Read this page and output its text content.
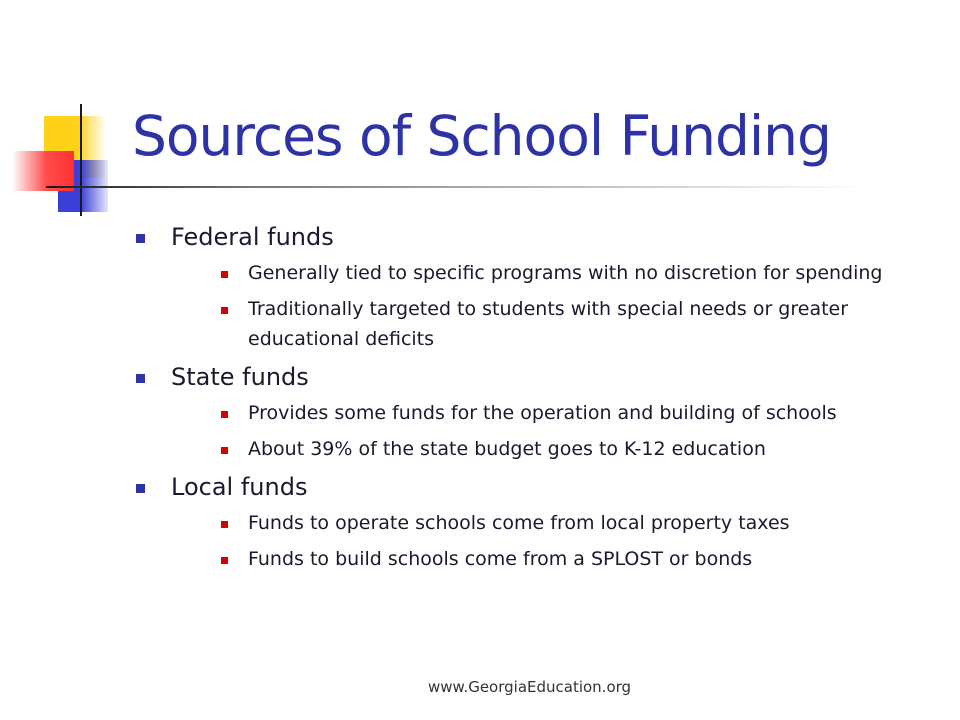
Sources of School Funding
Federal funds
Generally tied to specific programs with no discretion for spending
Traditionally targeted to students with special needs or greater educational deficits
State funds
Provides some funds for the operation and building of schools
About 39% of the state budget goes to K-12 education
Local funds
Funds to operate schools come from local property taxes
Funds to build schools come from a SPLOST or bonds
www.GeorgiaEducation.org
